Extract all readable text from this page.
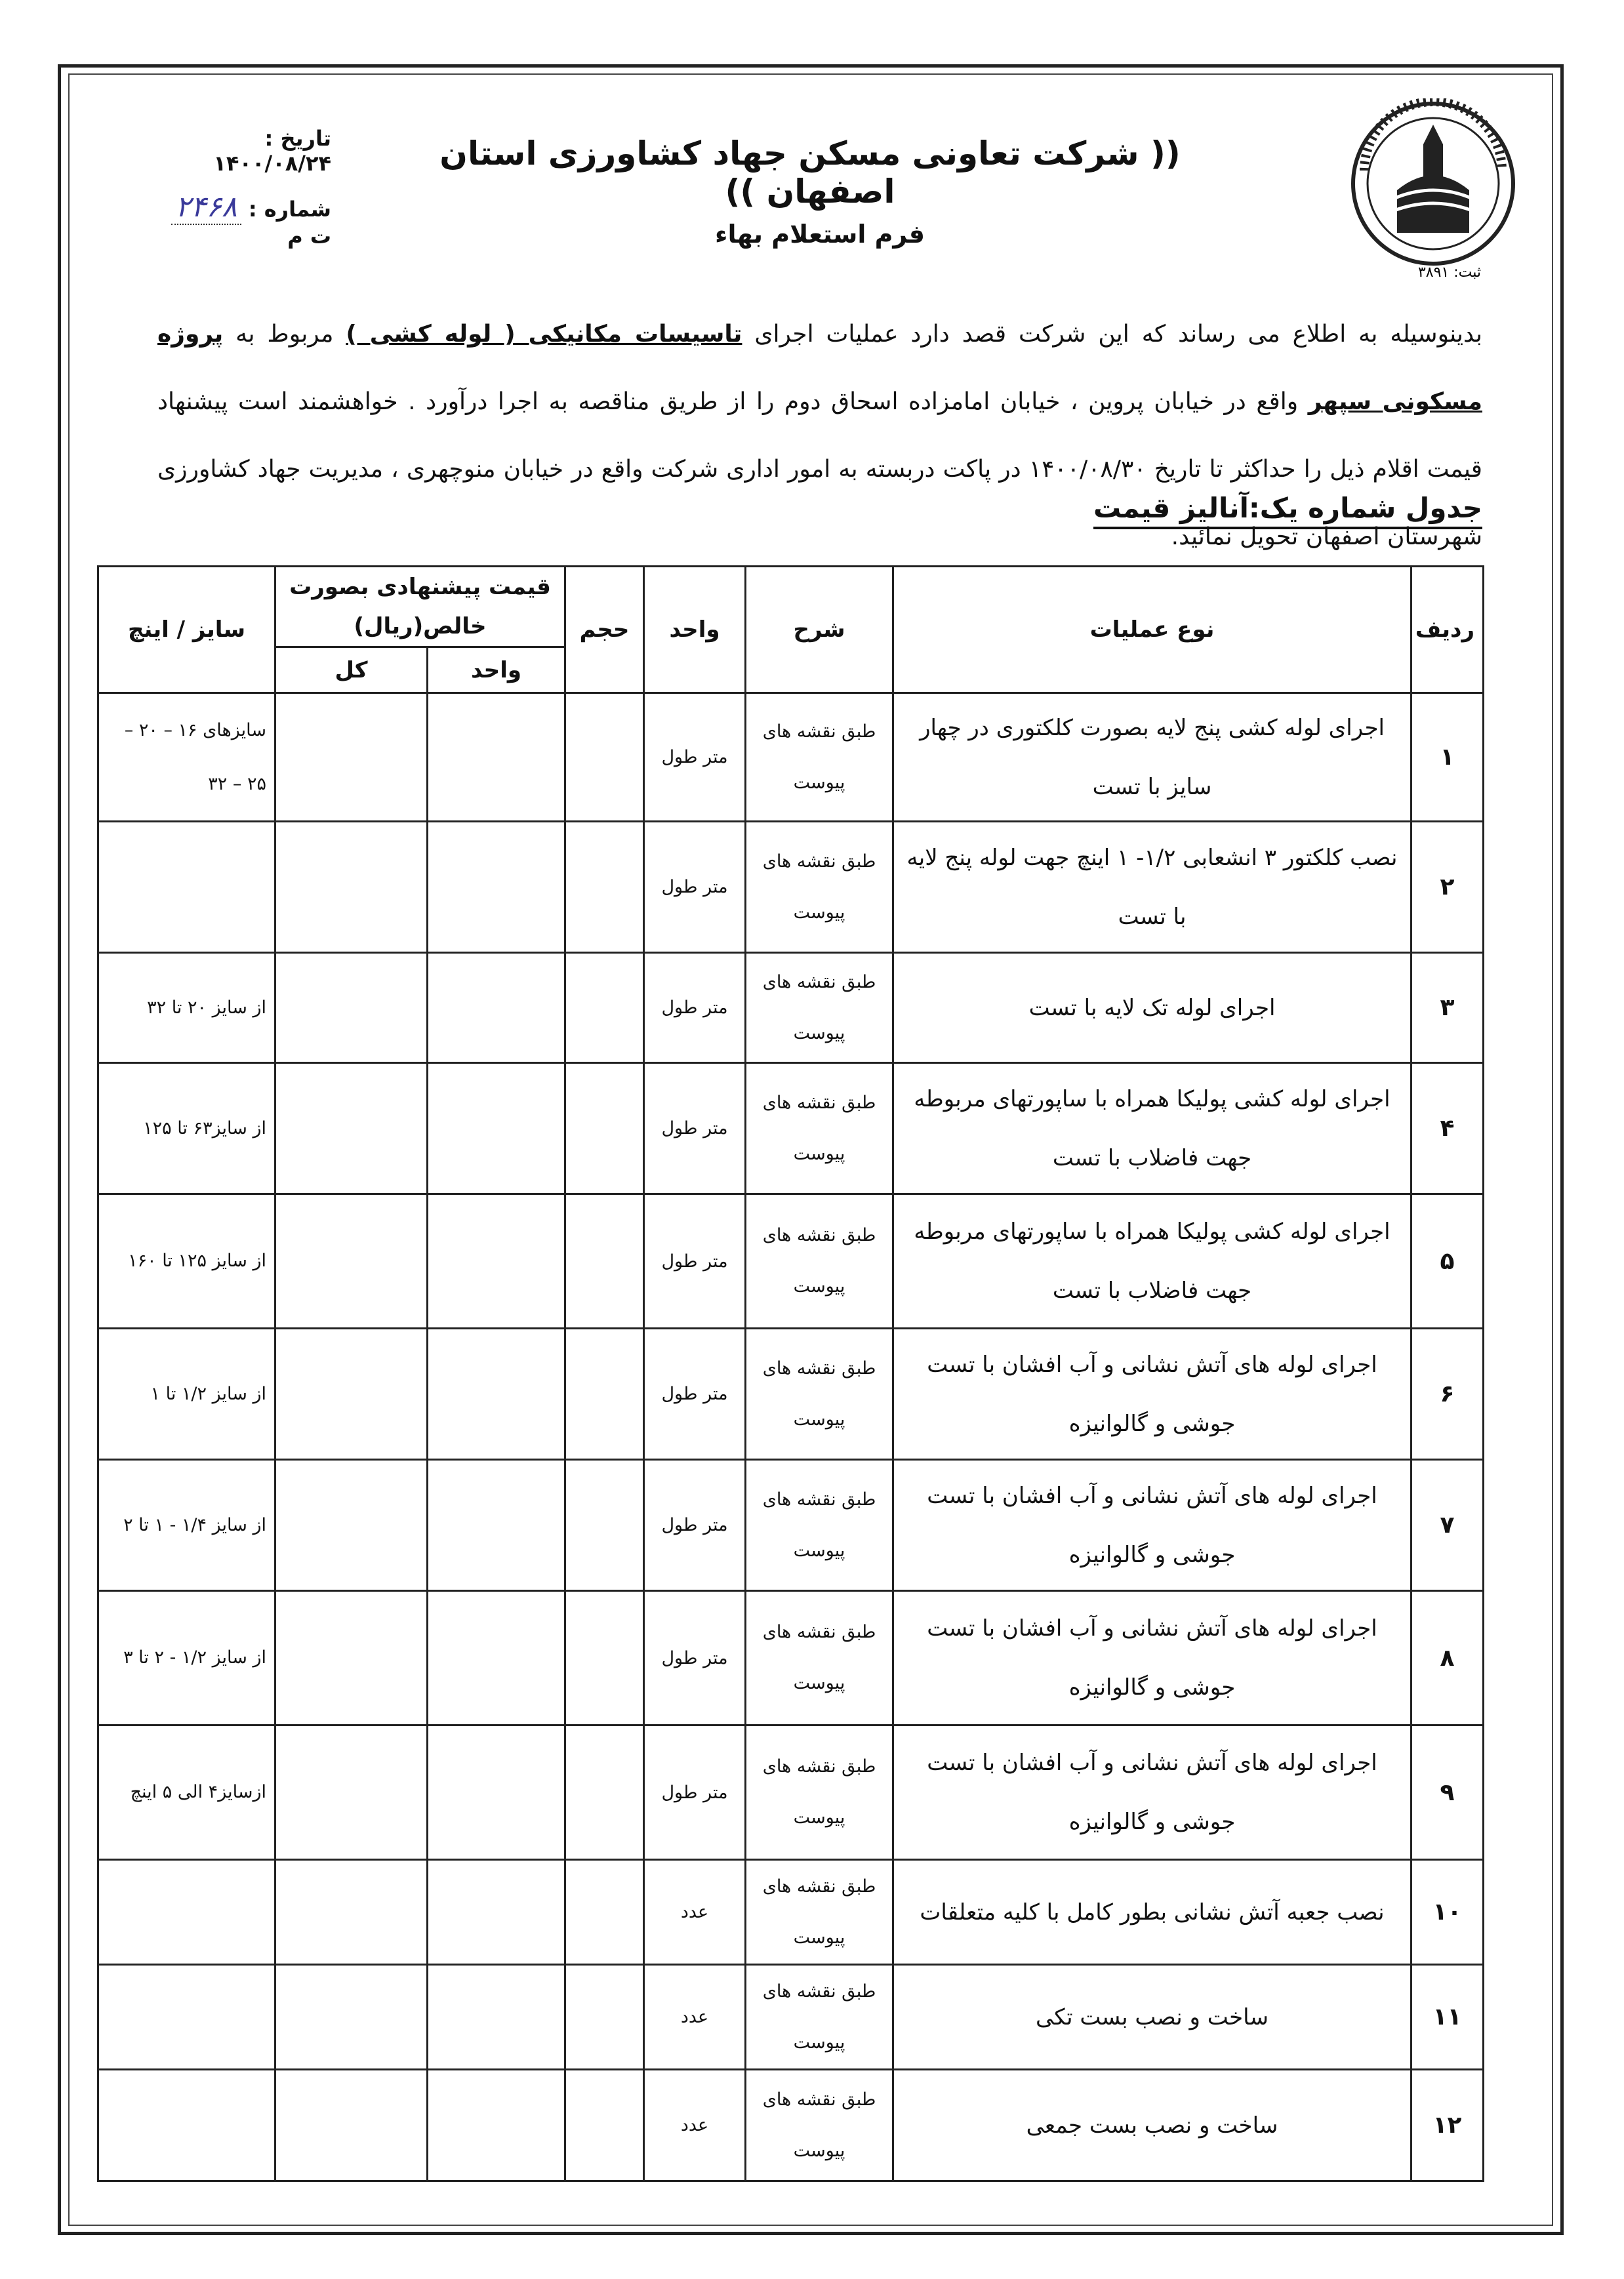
ثبت: ۳۸۹۱
(( شرکت تعاونی مسکن جهاد کشاورزی استان اصفهان ))
فرم استعلام بهاء
تاریخ : ۱۴۰۰/۰۸/۲۴
شماره : ۲۴۶۸ ت م
بدینوسیله به اطلاع می رساند که این شرکت قصد دارد عملیات اجرای تاسیسات مکانیکی ( لوله کشی ) مربوط به پروژه مسکونی سپهر واقع در خیابان پروین ، خیابان امامزاده اسحاق دوم را از طریق مناقصه به اجرا درآورد . خواهشمند است پیشنهاد قیمت اقلام ذیل را حداکثر تا تاریخ ۱۴۰۰/۰۸/۳۰ در پاکت دربسته به امور اداری شرکت واقع در خیابان منوچهری ، مدیریت جهاد کشاورزی شهرستان اصفهان تحویل نمائید.
جدول شماره یک:آنالیز قیمت
ردیف	نوع عملیات	شرح	واحد	حجم	قیمت پیشنهادی بصورت خالص(ریال)		سایز / اینچ
					واحد	کل	
۱	اجرای لوله کشی پنج لایه بصورت کلکتوری در چهار سایز با تست	طبق نقشه های پیوست	متر طول				سایزهای ۱۶ – ۲۰ – ۲۵ – ۳۲
۲	نصب کلکتور ۳ انشعابی ۱/۲- ۱ اینچ جهت لوله پنج لایه با تست	طبق نقشه های پیوست	متر طول				
۳	اجرای لوله تک لایه با تست	طبق نقشه های پیوست	متر طول				از سایز ۲۰ تا ۳۲
۴	اجرای لوله کشی پولیکا همراه با ساپورتهای مربوطه جهت فاضلاب با تست	طبق نقشه های پیوست	متر طول				از سایز۶۳ تا ۱۲۵
۵	اجرای لوله کشی پولیکا همراه با ساپورتهای مربوطه جهت فاضلاب با تست	طبق نقشه های پیوست	متر طول				از سایز ۱۲۵ تا ۱۶۰
۶	اجرای لوله های آتش نشانی و آب افشان با تست جوشی و گالوانیزه	طبق نقشه های پیوست	متر طول				از سایز ۱/۲ تا ۱
۷	اجرای لوله های آتش نشانی و آب افشان با تست جوشی و گالوانیزه	طبق نقشه های پیوست	متر طول				از سایز ۱/۴ - ۱ تا ۲
۸	اجرای لوله های آتش نشانی و آب افشان با تست جوشی و گالوانیزه	طبق نقشه های پیوست	متر طول				از سایز ۱/۲ - ۲ تا ۳
۹	اجرای لوله های آتش نشانی و آب افشان با تست جوشی و گالوانیزه	طبق نقشه های پیوست	متر طول				ازسایز۴ الی ۵ اینچ
۱۰	نصب جعبه آتش نشانی بطور کامل با کلیه متعلقات	طبق نقشه های پیوست	عدد				
۱۱	ساخت و نصب بست تکی	طبق نقشه های پیوست	عدد				
۱۲	ساخت و نصب بست جمعی	طبق نقشه های پیوست	عدد				
